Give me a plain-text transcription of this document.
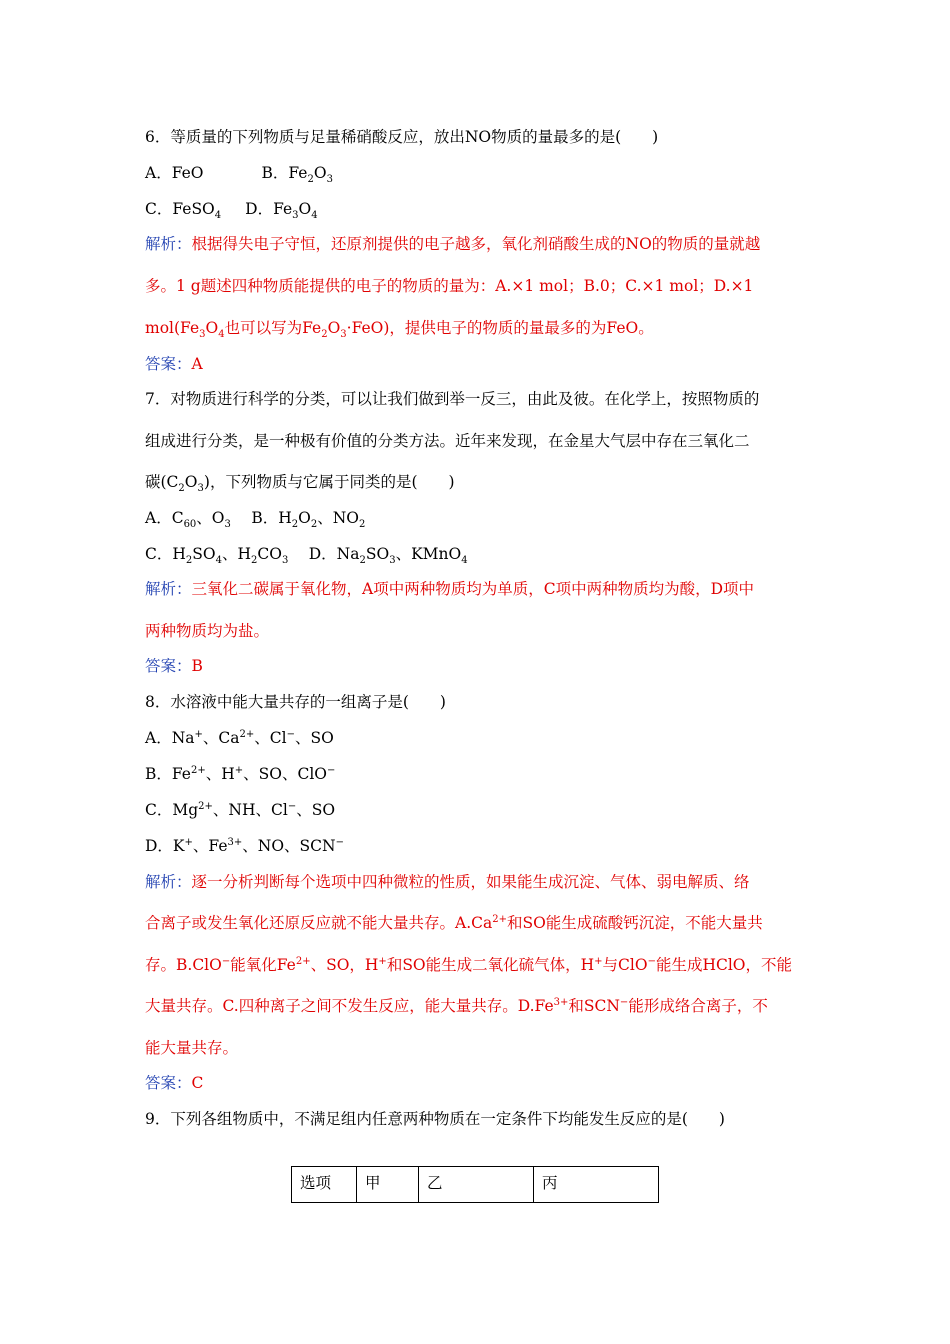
6．等质量的下列物质与足量稀硝酸反应，放出NO物质的量最多的是(　　)
A．FeO	B．$Fe_2O_3$
C．FeSO$_4$ D．$Fe_3O_4$
解析：根据得失电子守恒，还原剂提供的电子越多，氧化剂硝酸生成的NO的物质的量就越
多。1 g题述四种物质能提供的电子的物质的量为：A.×1 mol；B.0；C.×1 mol；D.×1
$mol(Fe_3O_4$也可以写为$Fe_2O_3\cdot FeO$)，提供电子的物质的量最多的为FeO。
答案：A
7．对物质进行科学的分类，可以让我们做到举一反三，由此及彼。在化学上，按照物质的
组成进行分类，是一种极有价值的分类方法。近年来发现，在金星大气层中存在三氧化二
碳$(C_2O_3)$，下列物质与它属于同类的是(　　)
A．$C_{60}$、$O_3$　 B．$H_2O_2$、$NO_2$
C．$H_2SO_4$、$H_2CO_3$　 D．$Na_2SO_3$、KMnO$_4$
解析：三氧化二碳属于氧化物，A项中两种物质均为单质，C项中两种物质均为酸，D项中
两种物质均为盐。
答案：B
8．水溶液中能大量共存的一组离子是(　　)
A．Na+、$Ca^{2+}$、Cl−、SO
B．$Fe^{2+}$、H+、SO、ClO−
C．$Mg^{2+}$、NH、Cl−、SO
D．K+、$Fe^{3+}$、NO、SCN−
解析：逐一分析判断每个选项中四种微粒的性质，如果能生成沉淀、气体、弱电解质、络
合离子或发生氧化还原反应就不能大量共存。$A.Ca^{2+}$和SO能生成硫酸钙沉淀，不能大量共
存。B.ClO−能氧化$Fe^{2+}$、SO，H+和SO能生成二氧化硫气体，H+与ClO−能生成HClO，不能
大量共存。C.四种离子之间不发生反应，能大量共存。$D.Fe^{3+}$和SCN−能形成络合离子，不
能大量共存。
答案：C
9．下列各组物质中，不满足组内任意两种物质在一定条件下均能发生反应的是(　　)
选项	甲	乙	丙
